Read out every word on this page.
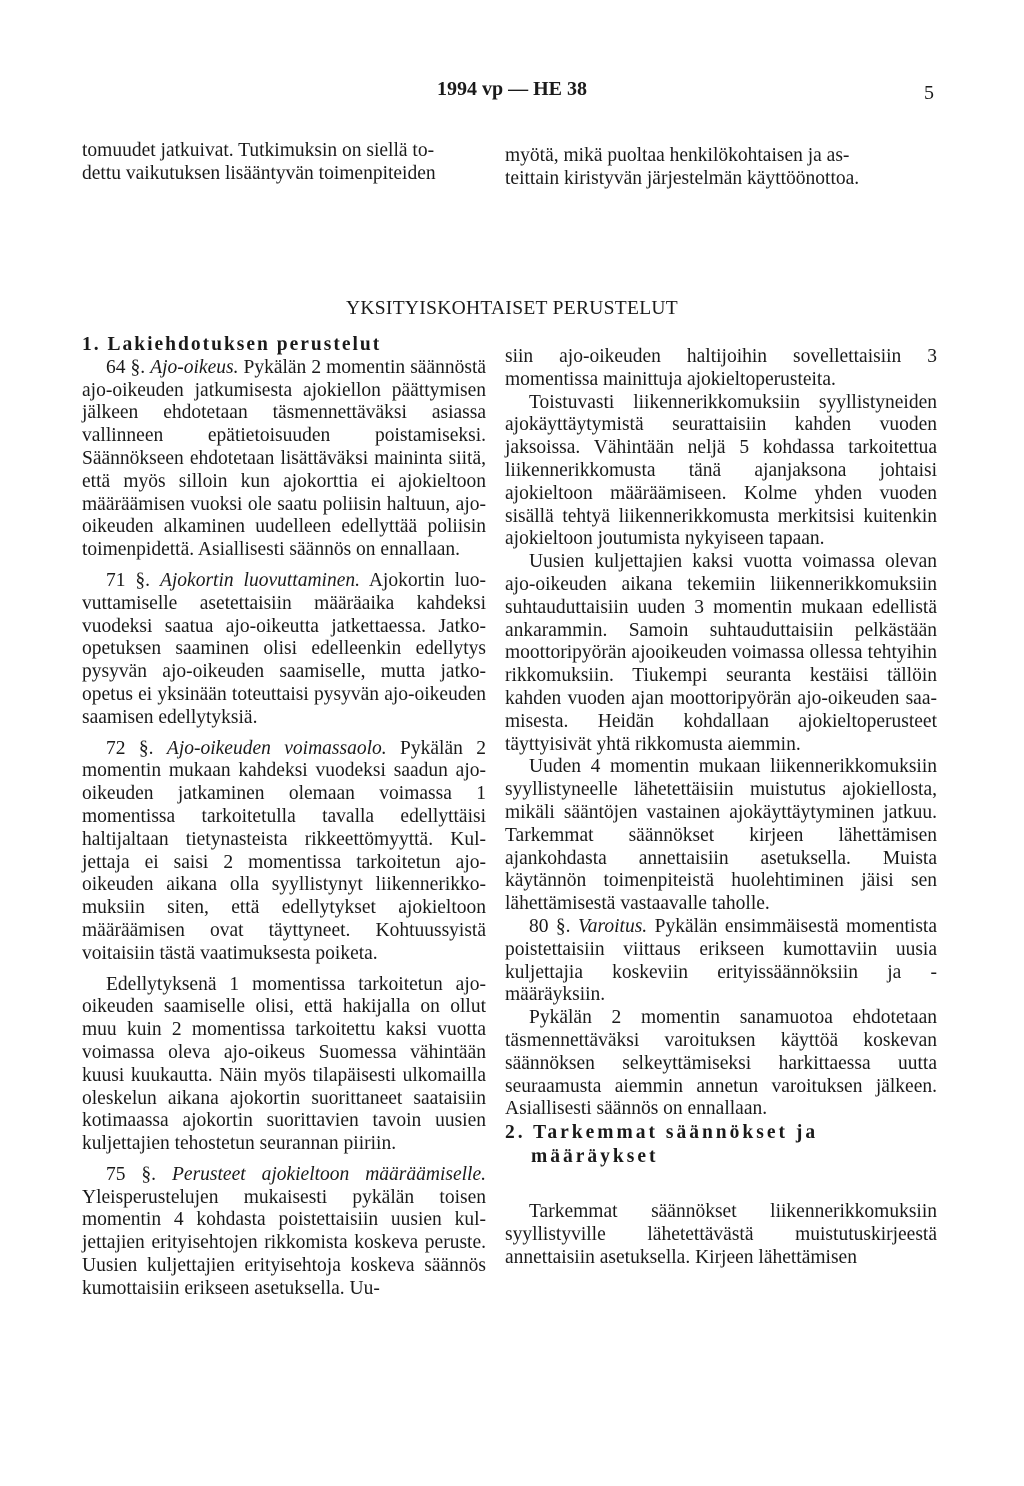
1994 vp — HE 38	5

tomuudet jatkuivat. Tutkimuksin on siellä to-

dettu vaikutuksen lisääntyvän toimenpiteiden

myötä, mikä puoltaa henkilökohtaisen ja as-

teittain kiristyvän järjestelmän käyttöönottoa.

YKSITYISKOHTAISET PERUSTELUT

1. Lakiehdotuksen perustelut

64 §. Ajo-oikeus. Pykälän 2 momentin säännöstä ajo-oikeuden jatkumisesta ajokiellon päättymisen jälkeen ehdotetaan täsmennettäväksi asiassa vallinneen epätietoisuuden poistamiseksi. Säännökseen ehdotetaan lisättäväksi maininta siitä, että myös silloin kun ajokorttia ei ajokieltoon määräämisen vuoksi ole saatu poliisin haltuun, ajo-oikeuden alkaminen uudelleen edellyttää poliisin toimenpidettä. Asiallisesti säännös on ennallaan.

71 §. Ajokortin luovuttaminen. Ajokortin luovuttamiselle asetettaisiin määräaika kahdeksi vuodeksi saatua ajo-oikeutta jatkettaessa. Jatko-opetuksen saaminen olisi edelleenkin edellytys pysyvän ajo-oikeuden saamiselle, mutta jatko-opetus ei yksinään toteuttaisi pysyvän ajo-oikeuden saamisen edellytyksiä.

72 §. Ajo-oikeuden voimassaolo. Pykälän 2 momentin mukaan kahdeksi vuodeksi saadun ajo-oikeuden jatkaminen olemaan voimassa 1 momentissa tarkoitetulla tavalla edellyttäisi haltijaltaan tietynasteista rikkeettömyyttä. Kuljettaja ei saisi 2 momentissa tarkoitetun ajooikeuden aikana olla syyllistynyt liikennerikkomuksiin siten, että edellytykset ajokieltoon määräämisen ovat täyttyneet. Kohtuussyistä voitaisiin tästä vaatimuksesta poiketa.

Edellytyksenä 1 momentissa tarkoitetun ajooikeuden saamiselle olisi, että hakijalla on ollut muu kuin 2 momentissa tarkoitettu kaksi vuotta voimassa oleva ajo-oikeus Suomessa vähintään kuusi kuukautta. Näin myös tilapäisesti ulkomailla oleskelun aikana ajokortin suorittaneet saataisiin kotimaassa ajokortin suorittavien tavoin uusien kuljettajien tehostetun seurannan piiriin.

75 §. Perusteet ajokieltoon määräämiselle. Yleisperustelujen mukaisesti pykälän toisen momentin 4 kohdasta poistettaisiin uusien kuljettajien erityisehtojen rikkomista koskeva peruste. Uusien kuljettajien erityisehtoja koskeva säännös kumottaisiin erikseen asetuksella. Uu-

siin ajo-oikeuden haltijoihin sovellettaisiin 3 momentissa mainittuja ajokieltoperusteita.

Toistuvasti liikennerikkomuksiin syyllistyneiden ajokäyttäytymistä seurattaisiin kahden vuoden jaksoissa. Vähintään neljä 5 kohdassa tarkoitettua liikennerikkomusta tänä ajanjaksona johtaisi ajokieltoon määräämiseen. Kolme yhden vuoden sisällä tehtyä liikennerikkomusta merkitsisi kuitenkin ajokieltoon joutumista nykyiseen tapaan.

Uusien kuljettajien kaksi vuotta voimassa olevan ajo-oikeuden aikana tekemiin liikennerikkomuksiin suhtauduttaisiin uuden 3 momentin mukaan edellistä ankarammin. Samoin suhtauduttaisiin pelkästään moottoripyörän ajooikeuden voimassa ollessa tehtyihin rikkomuksiin. Tiukempi seuranta kestäisi tällöin kahden vuoden ajan moottoripyörän ajo-oikeuden saamisesta. Heidän kohdallaan ajokieltoperusteet täyttyisivät yhtä rikkomusta aiemmin.

Uuden 4 momentin mukaan liikennerikkomuksiin syyllistyneelle lähetettäisiin muistutus ajokiellosta, mikäli sääntöjen vastainen ajokäyttäytyminen jatkuu. Tarkemmat säännökset kirjeen lähettämisen ajankohdasta annettaisiin asetuksella. Muista käytännön toimenpiteistä huolehtiminen jäisi sen lähettämisestä vastaavalle taholle.

80 §. Varoitus. Pykälän ensimmäisestä momentista poistettaisiin viittaus erikseen kumottaviin uusia kuljettajia koskeviin erityissäännöksiin ja -määräyksiin.

Pykälän 2 momentin sanamuotoa ehdotetaan täsmennettäväksi varoituksen käyttöä koskevan säännöksen selkeyttämiseksi harkittaessa uutta seuraamusta aiemmin annetun varoituksen jälkeen. Asiallisesti säännös on ennallaan.

2. Tarkemmat säännökset ja
määräykset

Tarkemmat säännökset liikennerikkomuksiin syyllistyville lähetettävästä muistutuskirjeestä annettaisiin asetuksella. Kirjeen lähettämisen
